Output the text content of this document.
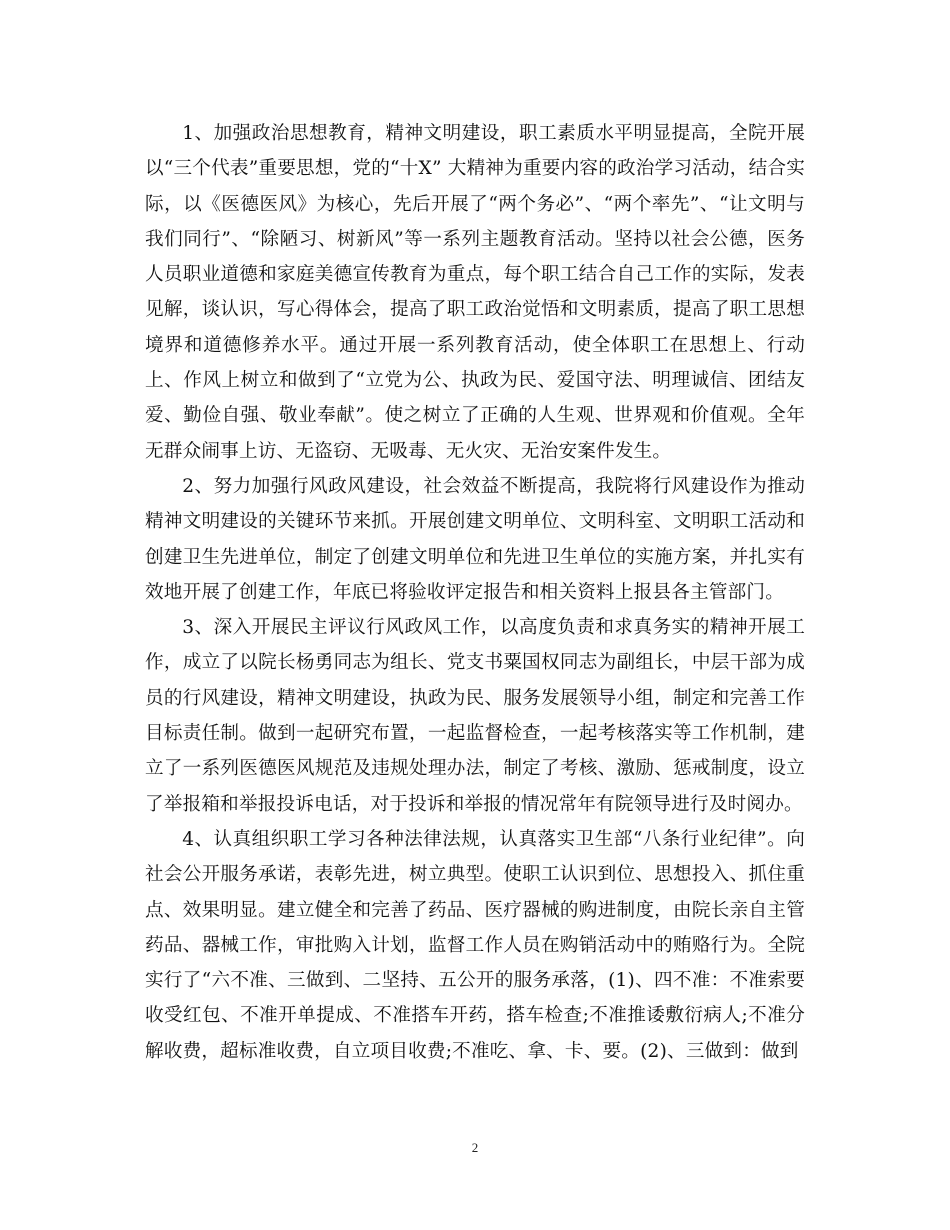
1、加强政治思想教育，精神文明建设，职工素质水平明显提高，全院开展以“三个代表”重要思想，党的“十X” 大精神为重要内容的政治学习活动，结合实际，以《医德医风》为核心，先后开展了“两个务必”、“两个率先”、“让文明与我们同行”、“除陋习、树新风”等一系列主题教育活动。坚持以社会公德，医务人员职业道德和家庭美德宣传教育为重点，每个职工结合自己工作的实际，发表见解，谈认识，写心得体会，提高了职工政治觉悟和文明素质，提高了职工思想境界和道德修养水平。通过开展一系列教育活动，使全体职工在思想上、行动上、作风上树立和做到了“立党为公、执政为民、爱国守法、明理诚信、团结友爱、勤俭自强、敬业奉献”。使之树立了正确的人生观、世界观和价值观。全年无群众闹事上访、无盗窃、无吸毒、无火灾、无治安案件发生。

2、努力加强行风政风建设，社会效益不断提高，我院将行风建设作为推动精神文明建设的关键环节来抓。开展创建文明单位、文明科室、文明职工活动和创建卫生先进单位，制定了创建文明单位和先进卫生单位的实施方案，并扎实有效地开展了创建工作，年底已将验收评定报告和相关资料上报县各主管部门。

3、深入开展民主评议行风政风工作，以高度负责和求真务实的精神开展工作，成立了以院长杨勇同志为组长、党支书粟国权同志为副组长，中层干部为成员的行风建设，精神文明建设，执政为民、服务发展领导小组，制定和完善工作目标责任制。做到一起研究布置，一起监督检查，一起考核落实等工作机制，建立了一系列医德医风规范及违规处理办法，制定了考核、激励、惩戒制度，设立了举报箱和举报投诉电话，对于投诉和举报的情况常年有院领导进行及时阅办。

4、认真组织职工学习各种法律法规，认真落实卫生部“八条行业纪律”。向社会公开服务承诺，表彰先进，树立典型。使职工认识到位、思想投入、抓住重点、效果明显。建立健全和完善了药品、医疗器械的购进制度，由院长亲自主管药品、器械工作，审批购入计划，监督工作人员在购销活动中的贿赂行为。全院实行了“六不准、三做到、二坚持、五公开的服务承落，(1)、四不准：不准索要收受红包、不准开单提成、不准搭车开药，搭车检查;不准推诿敷衍病人;不准分解收费，超标准收费，自立项目收费;不准吃、拿、卡、要。(2)、三做到：做到

2
